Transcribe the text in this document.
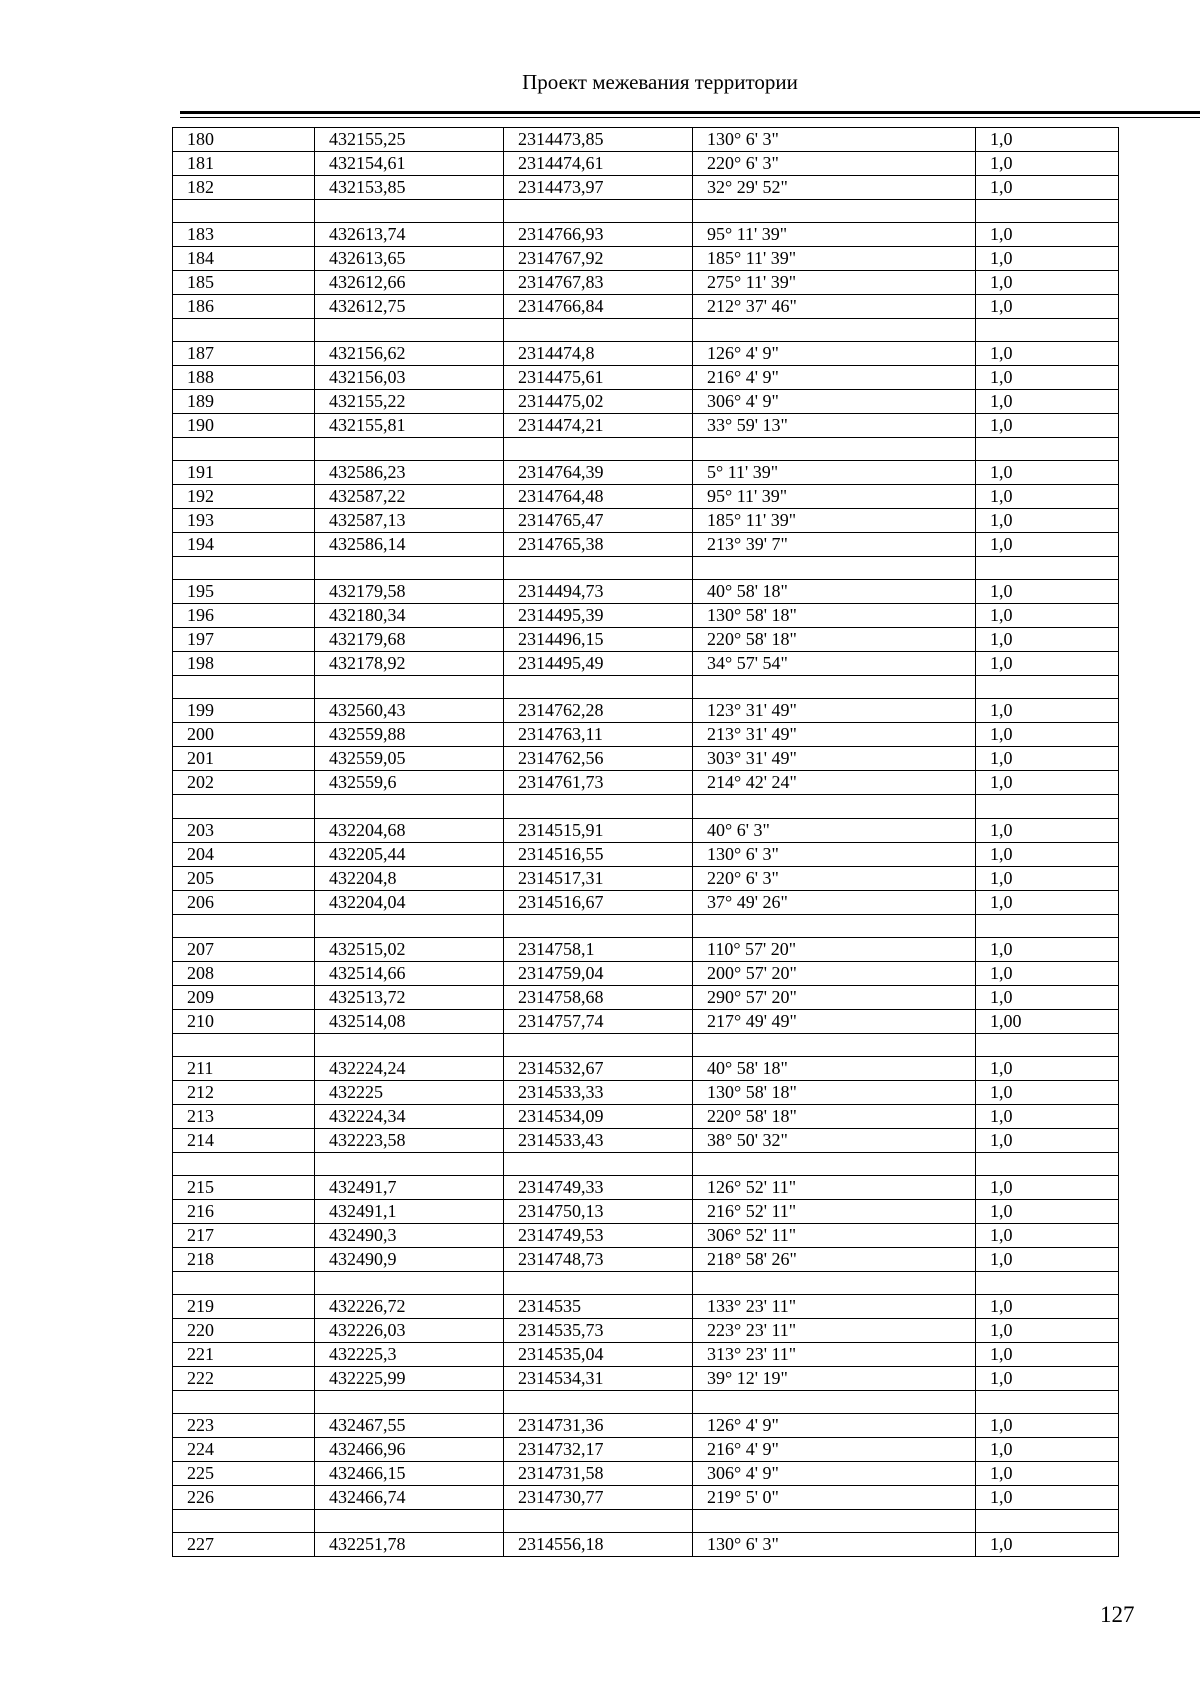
Проект межевания территории
180	432155,25	2314473,85	130° 6' 3"	1,0
181	432154,61	2314474,61	220° 6' 3"	1,0
182	432153,85	2314473,97	32° 29' 52"	1,0

183	432613,74	2314766,93	95° 11' 39"	1,0
184	432613,65	2314767,92	185° 11' 39"	1,0
185	432612,66	2314767,83	275° 11' 39"	1,0
186	432612,75	2314766,84	212° 37' 46"	1,0

187	432156,62	2314474,8	126° 4' 9"	1,0
188	432156,03	2314475,61	216° 4' 9"	1,0
189	432155,22	2314475,02	306° 4' 9"	1,0
190	432155,81	2314474,21	33° 59' 13"	1,0

191	432586,23	2314764,39	5° 11' 39"	1,0
192	432587,22	2314764,48	95° 11' 39"	1,0
193	432587,13	2314765,47	185° 11' 39"	1,0
194	432586,14	2314765,38	213° 39' 7"	1,0

195	432179,58	2314494,73	40° 58' 18"	1,0
196	432180,34	2314495,39	130° 58' 18"	1,0
197	432179,68	2314496,15	220° 58' 18"	1,0
198	432178,92	2314495,49	34° 57' 54"	1,0

199	432560,43	2314762,28	123° 31' 49"	1,0
200	432559,88	2314763,11	213° 31' 49"	1,0
201	432559,05	2314762,56	303° 31' 49"	1,0
202	432559,6	2314761,73	214° 42' 24"	1,0

203	432204,68	2314515,91	40° 6' 3"	1,0
204	432205,44	2314516,55	130° 6' 3"	1,0
205	432204,8	2314517,31	220° 6' 3"	1,0
206	432204,04	2314516,67	37° 49' 26"	1,0

207	432515,02	2314758,1	110° 57' 20"	1,0
208	432514,66	2314759,04	200° 57' 20"	1,0
209	432513,72	2314758,68	290° 57' 20"	1,0
210	432514,08	2314757,74	217° 49' 49"	1,00

211	432224,24	2314532,67	40° 58' 18"	1,0
212	432225	2314533,33	130° 58' 18"	1,0
213	432224,34	2314534,09	220° 58' 18"	1,0
214	432223,58	2314533,43	38° 50' 32"	1,0

215	432491,7	2314749,33	126° 52' 11"	1,0
216	432491,1	2314750,13	216° 52' 11"	1,0
217	432490,3	2314749,53	306° 52' 11"	1,0
218	432490,9	2314748,73	218° 58' 26"	1,0

219	432226,72	2314535	133° 23' 11"	1,0
220	432226,03	2314535,73	223° 23' 11"	1,0
221	432225,3	2314535,04	313° 23' 11"	1,0
222	432225,99	2314534,31	39° 12' 19"	1,0

223	432467,55	2314731,36	126° 4' 9"	1,0
224	432466,96	2314732,17	216° 4' 9"	1,0
225	432466,15	2314731,58	306° 4' 9"	1,0
226	432466,74	2314730,77	219° 5' 0"	1,0

227	432251,78	2314556,18	130° 6' 3"	1,0
127
